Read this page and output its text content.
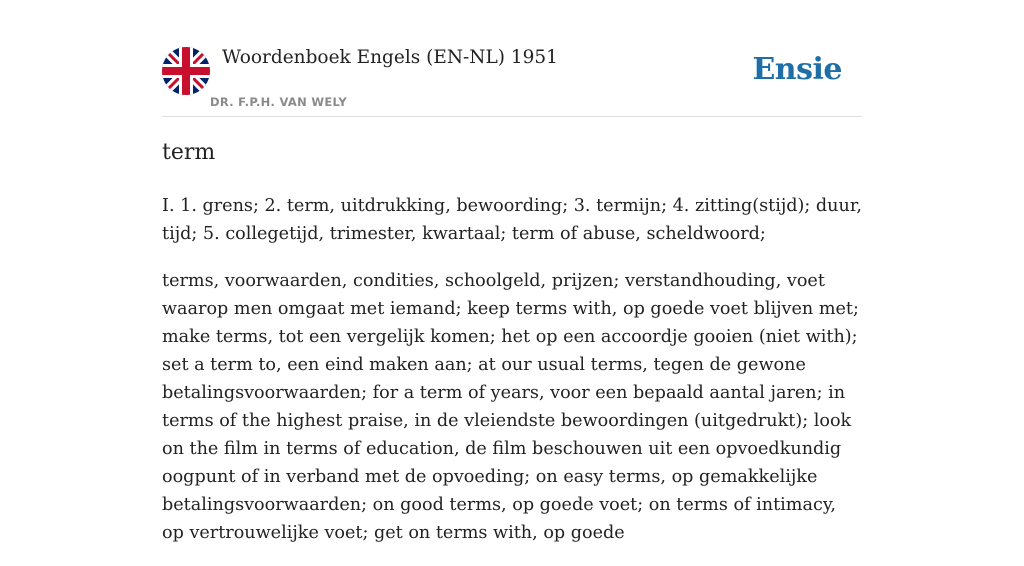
Woordenboek Engels (EN-NL) 1951
DR. F.P.H. VAN WELY
Ensie
term

I. 1. grens; 2. term, uitdrukking, bewoording; 3. termijn; 4. zitting(stijd); duur, tijd; 5. collegetijd, trimester, kwartaal; term of abuse, scheldwoord;

terms, voorwaarden, condities, schoolgeld, prijzen; verstandhouding, voet waarop men omgaat met iemand; keep terms with, op goede voet blijven met; make terms, tot een vergelijk komen; het op een accoordje gooien (niet with); set a term to, een eind maken aan; at our usual terms, tegen de gewone betalingsvoorwaarden; for a term of years, voor een bepaald aantal jaren; in terms of the highest praise, in de vleiendste bewoordingen (uitgedrukt); look on the film in terms of education, de film beschouwen uit een opvoedkundig oogpunt of in verband met de opvoeding; on easy terms, op gemakkelijke betalingsvoorwaarden; on good terms, op goede voet; on terms of intimacy, op vertrouwelijke voet; get on terms with, op goede
